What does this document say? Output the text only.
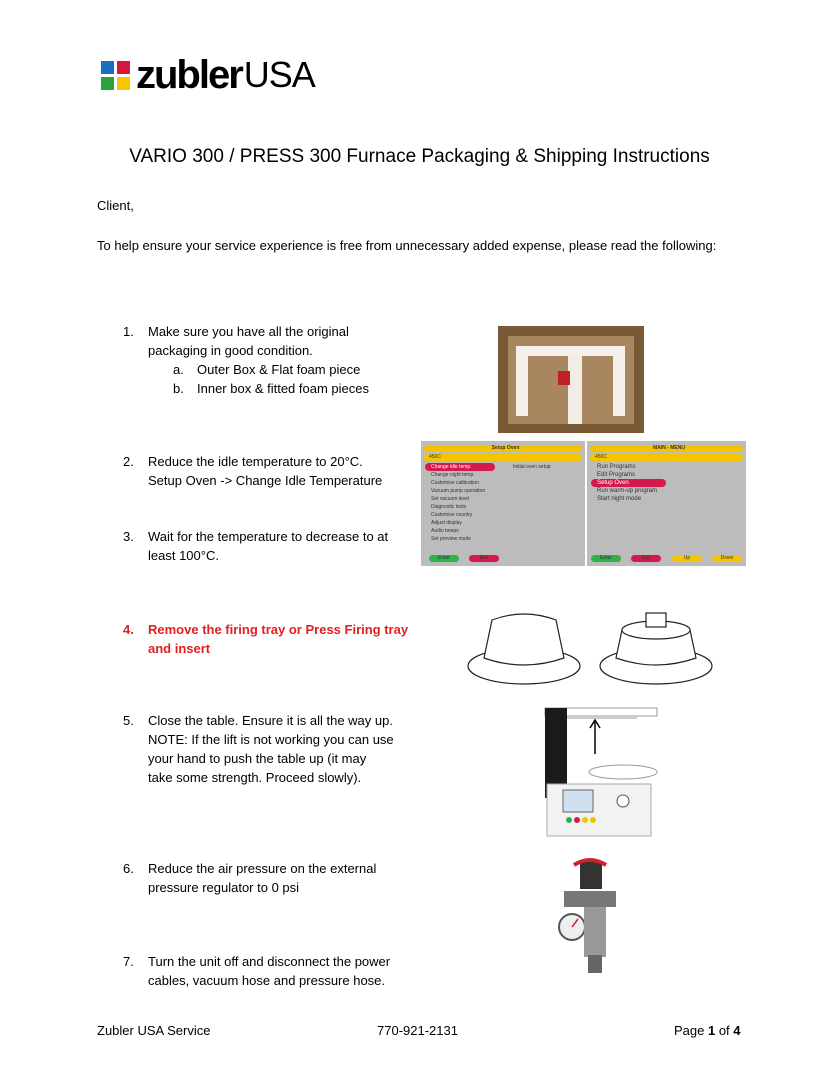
zubler USA
VARIO 300 / PRESS 300 Furnace Packaging & Shipping Instructions
Client,
To help ensure your service experience is free from unnecessary added expense, please read the following:
1. Make sure you have all the original
packaging in good condition.
a. Outer Box & Flat foam piece
b. Inner box & fitted foam pieces
2. Reduce the idle temperature to 20°C.
Setup Oven -> Change Idle Temperature
3. Wait for the temperature to decrease to at
least 100°C.
4. Remove the firing tray or Press Firing tray
and insert
5. Close the table. Ensure it is all the way up.
NOTE: If the lift is not working you can use
your hand to push the table up (it may
take some strength. Proceed slowly).
6. Reduce the air pressure on the external
pressure regulator to 0 psi
7. Turn the unit off and disconnect the power
cables, vacuum hose and pressure hose.
Setup Oven
450C
Initial oven setup
Change idle temp.
Change night temp.
Customise calibration
Vacuum pump operation
Set vacuum level
Diagnostic tests
Customise country
Adjust display
Audio beeps
Set preview mode
Enter	Esc
MAIN - MENU
450C
Run Programs
Edit Programs
Setup Oven
Run warm-up program
Start night mode
Enter	Esc	Up	Down
Zubler USA Service	770-921-2131	Page 1 of 4
